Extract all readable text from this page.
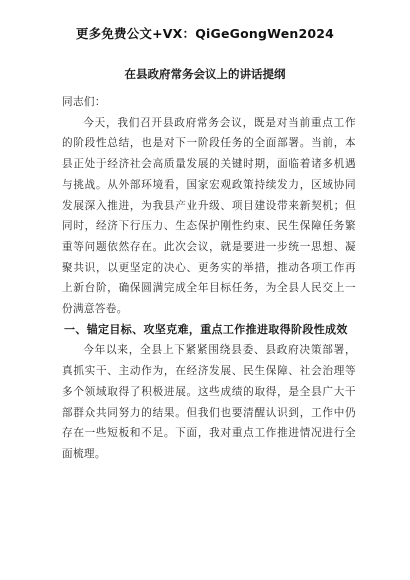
更多免费公文+VX：QiGeGongWen2024
在县政府常务会议上的讲话提纲

同志们：

今天，我们召开县政府常务会议，既是对当前重点工作的阶段性总结，也是对下一阶段任务的全面部署。当前，本县正处于经济社会高质量发展的关键时期，面临着诸多机遇与挑战。从外部环境看，国家宏观政策持续发力，区域协同发展深入推进，为我县产业升级、项目建设带来新契机；但同时，经济下行压力、生态保护刚性约束、民生保障任务繁重等问题依然存在。此次会议，就是要进一步统一思想、凝聚共识，以更坚定的决心、更务实的举措，推动各项工作再上新台阶，确保圆满完成全年目标任务，为全县人民交上一份满意答卷。

一、锚定目标、攻坚克难，重点工作推进取得阶段性成效

今年以来，全县上下紧紧围绕县委、县政府决策部署，真抓实干、主动作为，在经济发展、民生保障、社会治理等多个领域取得了积极进展。这些成绩的取得，是全县广大干部群众共同努力的结果。但我们也要清醒认识到，工作中仍存在一些短板和不足。下面，我对重点工作推进情况进行全面梳理。
